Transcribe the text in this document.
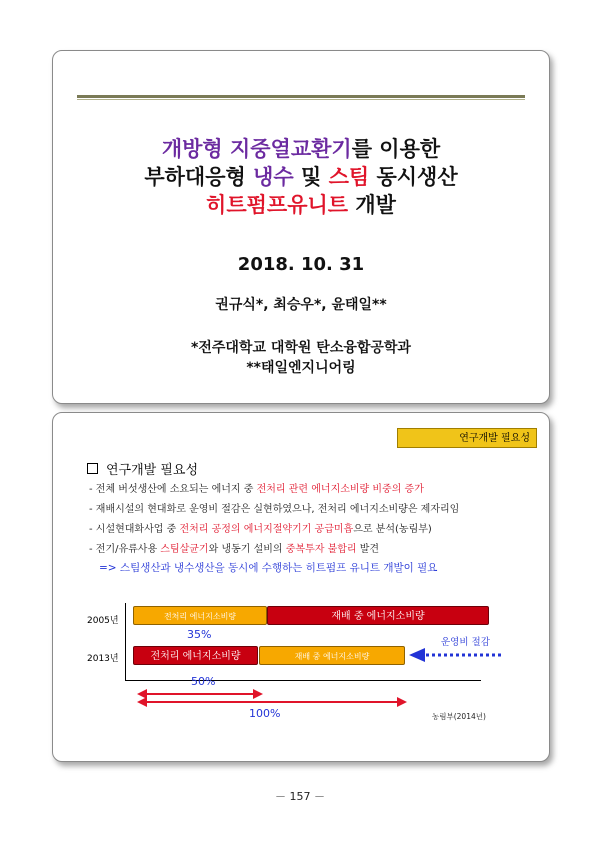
개방형 지중열교환기를 이용한
부하대응형 냉수 및 스팀 동시생산
히트펌프유니트 개발
2018. 10. 31
권규식*, 최승우*, 윤태일**
*전주대학교 대학원 탄소융합공학과
**태일엔지니어링
연구개발 필요성
연구개발 필요성
- 전체 버섯생산에 소요되는 에너지 중 전처리 관련 에너지소비량 비중의 증가
- 재배시설의 현대화로 운영비 절감은 실현하였으나, 전처리 에너지소비량은 제자리임
- 시설현대화사업 중 전처리 공정의 에너지절약기기 공급미흡으로 분석(농림부)
- 전기/유류사용 스팀살균기와 냉동기 설비의 중복투자 불합리 발견
=> 스팀생산과 냉수생산을 동시에 수행하는 히트펌프 유니트 개발이 필요
2005년
2013년
전처리 에너지소비량	재배 중 에너지소비량
전처리 에너지소비량	재배 중 에너지소비량
35%
50%
100%
운영비 절감
농림부(2014년)
－ 157 －
